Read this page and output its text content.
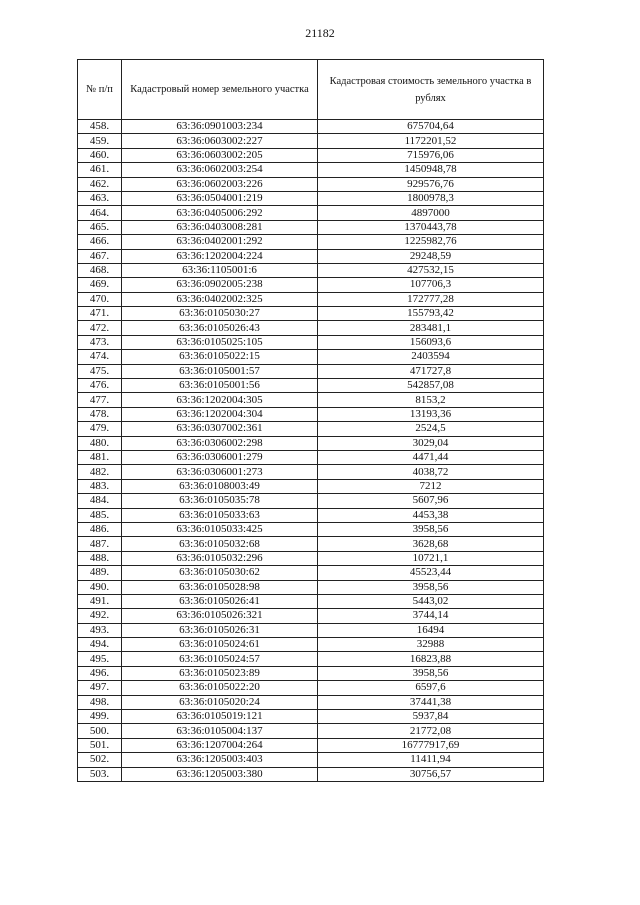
21182
№ п/п	Кадастровый номер земельного участка	Кадастровая стоимость земельного участка в рублях
458.	63:36:0901003:234	675704,64
459.	63:36:0603002:227	1172201,52
460.	63:36:0603002:205	715976,06
461.	63:36:0602003:254	1450948,78
462.	63:36:0602003:226	929576,76
463.	63:36:0504001:219	1800978,3
464.	63:36:0405006:292	4897000
465.	63:36:0403008:281	1370443,78
466.	63:36:0402001:292	1225982,76
467.	63:36:1202004:224	29248,59
468.	63:36:1105001:6	427532,15
469.	63:36:0902005:238	107706,3
470.	63:36:0402002:325	172777,28
471.	63:36:0105030:27	155793,42
472.	63:36:0105026:43	283481,1
473.	63:36:0105025:105	156093,6
474.	63:36:0105022:15	2403594
475.	63:36:0105001:57	471727,8
476.	63:36:0105001:56	542857,08
477.	63:36:1202004:305	8153,2
478.	63:36:1202004:304	13193,36
479.	63:36:0307002:361	2524,5
480.	63:36:0306002:298	3029,04
481.	63:36:0306001:279	4471,44
482.	63:36:0306001:273	4038,72
483.	63:36:0108003:49	7212
484.	63:36:0105035:78	5607,96
485.	63:36:0105033:63	4453,38
486.	63:36:0105033:425	3958,56
487.	63:36:0105032:68	3628,68
488.	63:36:0105032:296	10721,1
489.	63:36:0105030:62	45523,44
490.	63:36:0105028:98	3958,56
491.	63:36:0105026:41	5443,02
492.	63:36:0105026:321	3744,14
493.	63:36:0105026:31	16494
494.	63:36:0105024:61	32988
495.	63:36:0105024:57	16823,88
496.	63:36:0105023:89	3958,56
497.	63:36:0105022:20	6597,6
498.	63:36:0105020:24	37441,38
499.	63:36:0105019:121	5937,84
500.	63:36:0105004:137	21772,08
501.	63:36:1207004:264	16777917,69
502.	63:36:1205003:403	11411,94
503.	63:36:1205003:380	30756,57
